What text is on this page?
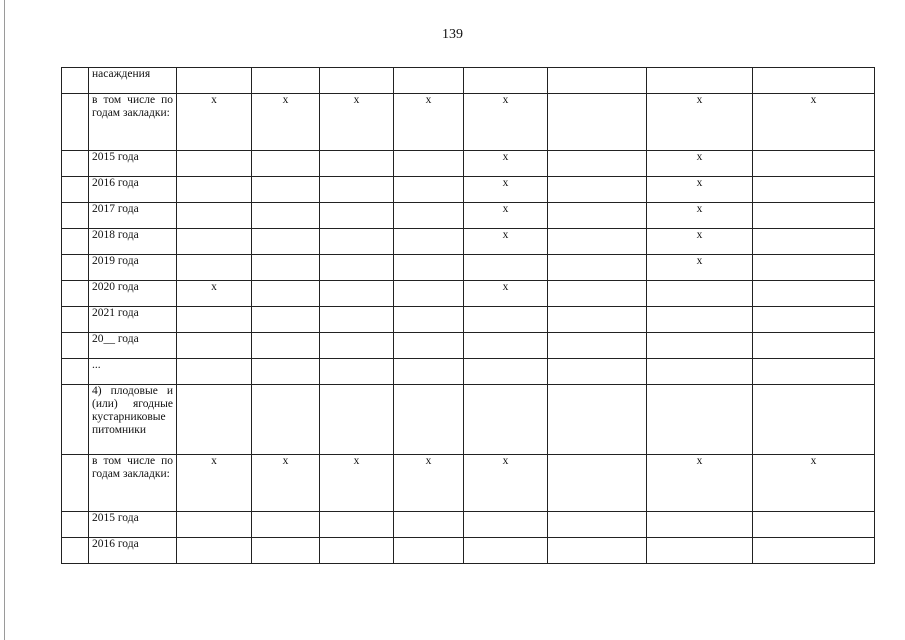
139
	насаждения								
	в том числе по годам закладки:	х	х	х	х	х		х	х
	2015 года					х		х	
	2016 года					х		х	
	2017 года					х		х	
	2018 года					х		х	
	2019 года							х	
	2020 года	х				х			
	2021 года								
	20__ года								
	...								
	4) плодовые и (или) ягодные кустарниковые питомники								
	в том числе по годам закладки:	х	х	х	х	х		х	х
	2015 года								
	2016 года								
